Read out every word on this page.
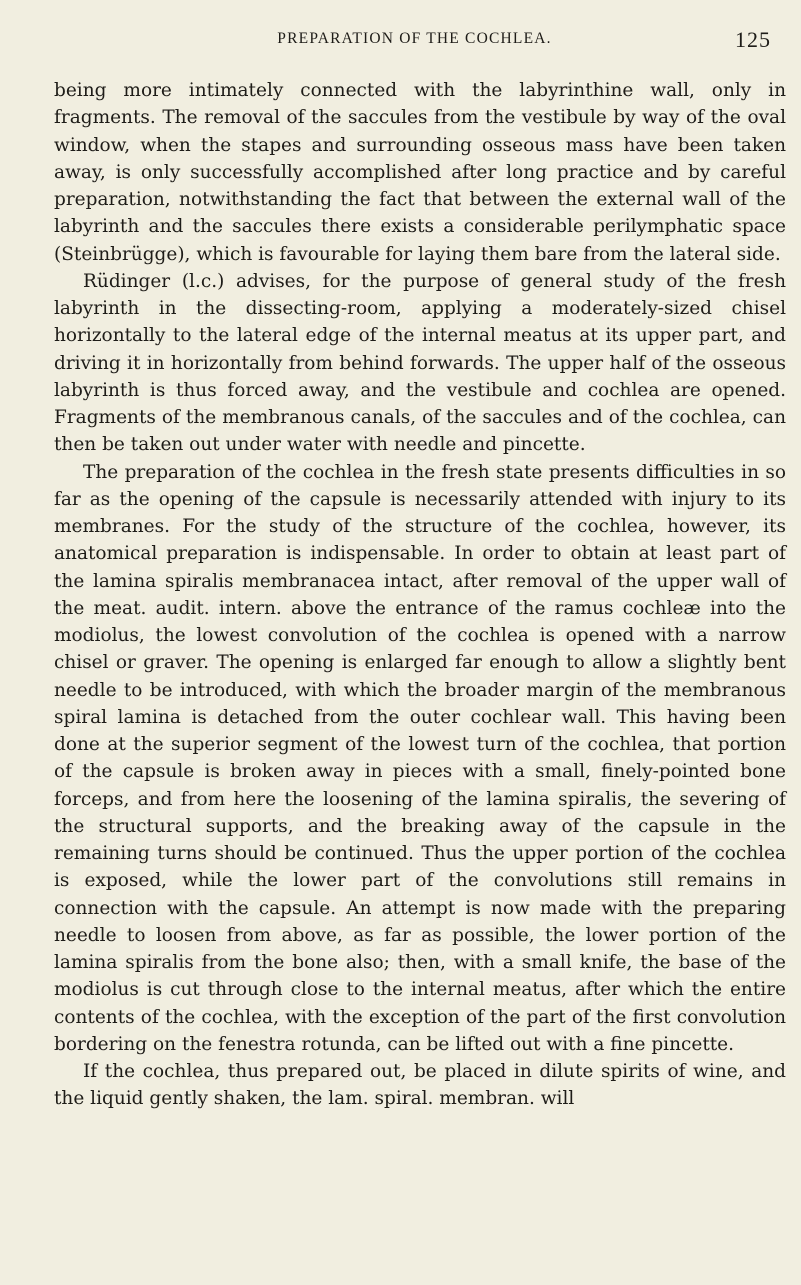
PREPARATION OF THE COCHLEA.	125

being more intimately connected with the labyrinthine wall, only in fragments. The removal of the saccules from the vestibule by way of the oval window, when the stapes and surrounding osseous mass have been taken away, is only successfully accomplished after long practice and by careful preparation, notwithstanding the fact that between the external wall of the labyrinth and the saccules there exists a considerable perilymphatic space (Steinbrügge), which is favourable for laying them bare from the lateral side.

Rüdinger (l.c.) advises, for the purpose of general study of the fresh labyrinth in the dissecting-room, applying a moderately-sized chisel horizontally to the lateral edge of the internal meatus at its upper part, and driving it in horizontally from behind forwards. The upper half of the osseous labyrinth is thus forced away, and the vestibule and cochlea are opened. Fragments of the membranous canals, of the saccules and of the cochlea, can then be taken out under water with needle and pincette.

The preparation of the cochlea in the fresh state presents difficulties in so far as the opening of the capsule is necessarily attended with injury to its membranes. For the study of the structure of the cochlea, however, its anatomical preparation is indispensable. In order to obtain at least part of the lamina spiralis membranacea intact, after removal of the upper wall of the meat. audit. intern. above the entrance of the ramus cochleæ into the modiolus, the lowest convolution of the cochlea is opened with a narrow chisel or graver. The opening is enlarged far enough to allow a slightly bent needle to be introduced, with which the broader margin of the membranous spiral lamina is detached from the outer cochlear wall. This having been done at the superior segment of the lowest turn of the cochlea, that portion of the capsule is broken away in pieces with a small, finely-pointed bone forceps, and from here the loosening of the lamina spiralis, the severing of the structural supports, and the breaking away of the capsule in the remaining turns should be continued. Thus the upper portion of the cochlea is exposed, while the lower part of the convolutions still remains in connection with the capsule. An attempt is now made with the preparing needle to loosen from above, as far as possible, the lower portion of the lamina spiralis from the bone also; then, with a small knife, the base of the modiolus is cut through close to the internal meatus, after which the entire contents of the cochlea, with the exception of the part of the first convolution bordering on the fenestra rotunda, can be lifted out with a fine pincette.

If the cochlea, thus prepared out, be placed in dilute spirits of wine, and the liquid gently shaken, the lam. spiral. membran. will
